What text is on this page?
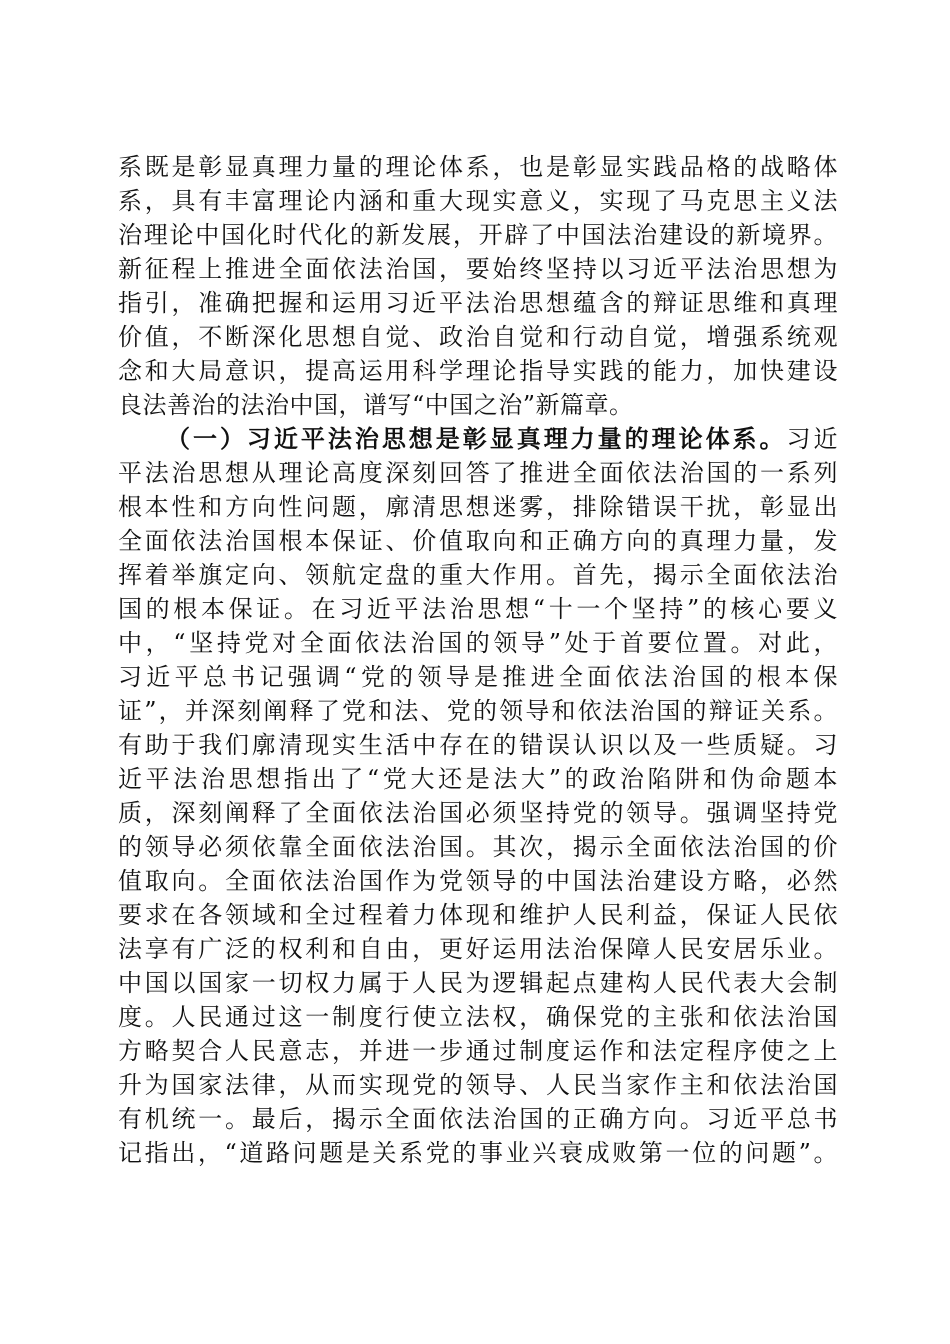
系既是彰显真理力量的理论体系，也是彰显实践品格的战略体
系，具有丰富理论内涵和重大现实意义，实现了马克思主义法
治理论中国化时代化的新发展，开辟了中国法治建设的新境界。
新征程上推进全面依法治国，要始终坚持以习近平法治思想为
指引，准确把握和运用习近平法治思想蕴含的辩证思维和真理
价值，不断深化思想自觉、政治自觉和行动自觉，增强系统观
念和大局意识，提高运用科学理论指导实践的能力，加快建设
良法善治的法治中国，谱写“中国之治”新篇章。
（一）习近平法治思想是彰显真理力量的理论体系。习近
平法治思想从理论高度深刻回答了推进全面依法治国的一系列
根本性和方向性问题，廓清思想迷雾，排除错误干扰，彰显出
全面依法治国根本保证、价值取向和正确方向的真理力量，发
挥着举旗定向、领航定盘的重大作用。首先，揭示全面依法治
国的根本保证。在习近平法治思想“十一个坚持”的核心要义
中，“坚持党对全面依法治国的领导”处于首要位置。对此，
习近平总书记强调“党的领导是推进全面依法治国的根本保
证”，并深刻阐释了党和法、党的领导和依法治国的辩证关系。
有助于我们廓清现实生活中存在的错误认识以及一些质疑。习
近平法治思想指出了“党大还是法大”的政治陷阱和伪命题本
质，深刻阐释了全面依法治国必须坚持党的领导。强调坚持党
的领导必须依靠全面依法治国。其次，揭示全面依法治国的价
值取向。全面依法治国作为党领导的中国法治建设方略，必然
要求在各领域和全过程着力体现和维护人民利益，保证人民依
法享有广泛的权利和自由，更好运用法治保障人民安居乐业。
中国以国家一切权力属于人民为逻辑起点建构人民代表大会制
度。人民通过这一制度行使立法权，确保党的主张和依法治国
方略契合人民意志，并进一步通过制度运作和法定程序使之上
升为国家法律，从而实现党的领导、人民当家作主和依法治国
有机统一。最后，揭示全面依法治国的正确方向。习近平总书
记指出，“道路问题是关系党的事业兴衰成败第一位的问题”。
